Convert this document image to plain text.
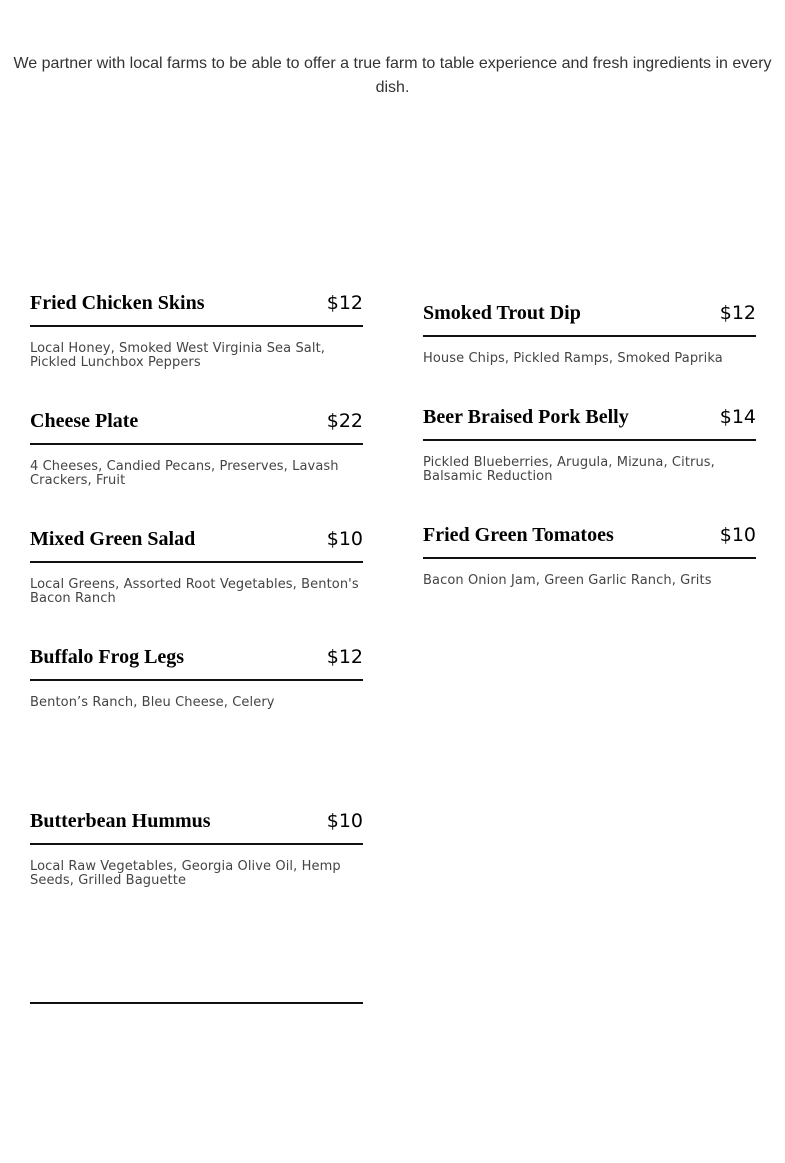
We partner with local farms to be able to offer a true farm to table experience and fresh ingredients in every dish.

Fried Chicken Skins	$12

Local Honey, Smoked West Virginia Sea Salt, Pickled Lunchbox Peppers

Cheese Plate	$22

4 Cheeses, Candied Pecans, Preserves, Lavash Crackers, Fruit

Mixed Green Salad	$10

Local Greens, Assorted Root Vegetables, Benton's Bacon Ranch

Buffalo Frog Legs	$12

Benton’s Ranch, Bleu Cheese, Celery

Butterbean Hummus	$10

Local Raw Vegetables, Georgia Olive Oil, Hemp Seeds, Grilled Baguette

Smoked Trout Dip	$12

House Chips, Pickled Ramps, Smoked Paprika

Beer Braised Pork Belly	$14

Pickled Blueberries, Arugula, Mizuna, Citrus, Balsamic Reduction

Fried Green Tomatoes	$10

Bacon Onion Jam, Green Garlic Ranch, Grits
